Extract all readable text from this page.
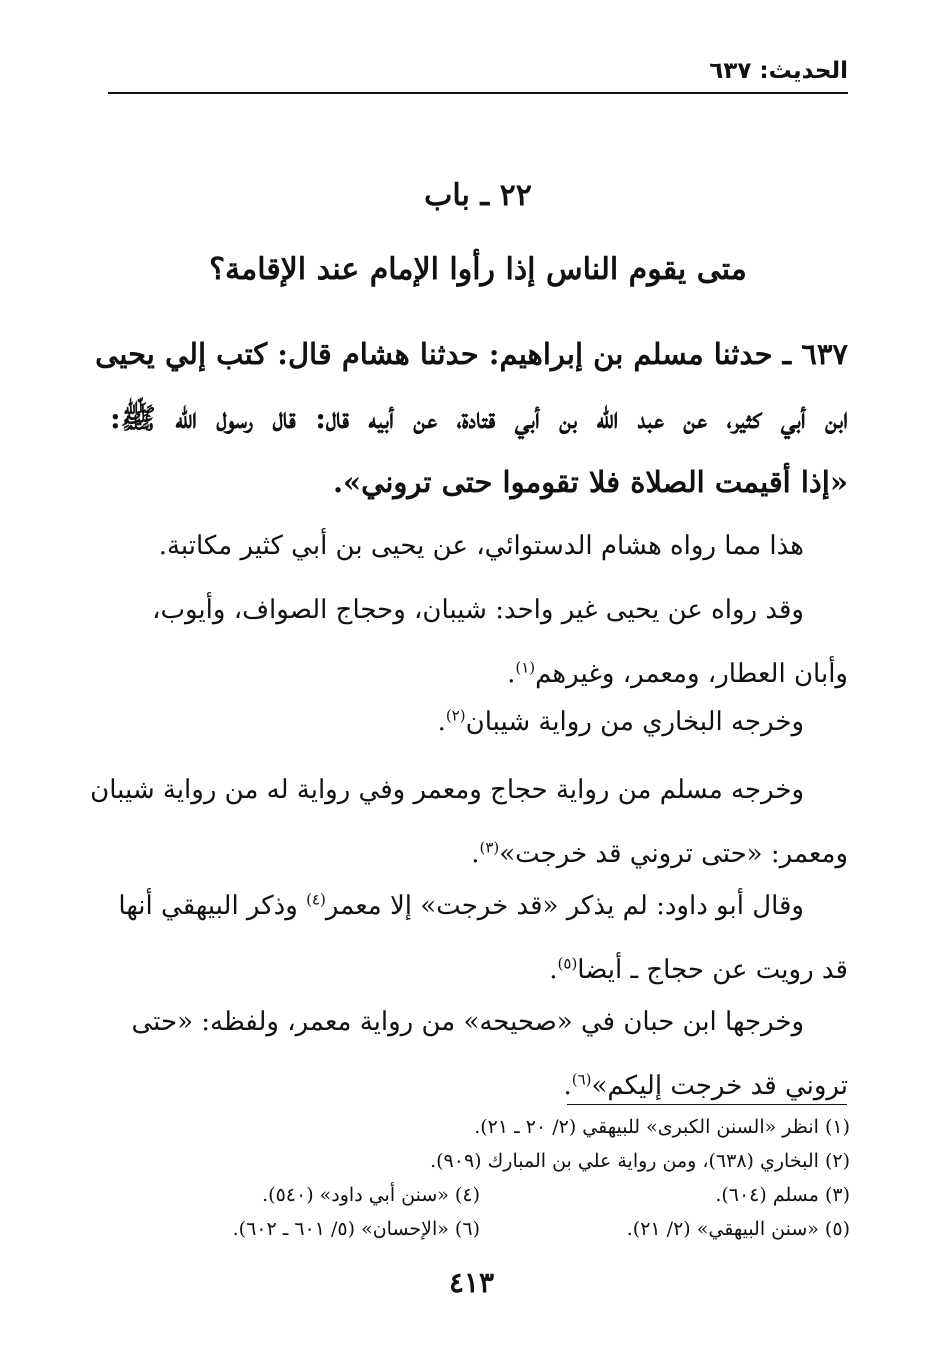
الحديث: ٦٣٧
٢٢ ـ باب
متى يقوم الناس إذا رأوا الإمام عند الإقامة؟
٦٣٧ ـ حدثنا مسلم بن إبراهيم: حدثنا هشام قال: كتب إلي يحيى
ابن أبي كثير، عن عبد الله بن أبي قتادة، عن أبيه قال: قال رسول الله ﷺ:
«إذا أقيمت الصلاة فلا تقوموا حتى تروني».
هذا مما رواه هشام الدستوائي، عن يحيى بن أبي كثير مكاتبة.
وقد رواه عن يحيى غير واحد: شيبان، وحجاج الصواف، وأيوب،
وأبان العطار، ومعمر، وغيرهم$^{(١)}$.
وخرجه البخاري من رواية شيبان$^{(٢)}$.
وخرجه مسلم من رواية حجاج ومعمر وفي رواية له من رواية شيبان
ومعمر: «حتى تروني قد خرجت»$^{(٣)}$.
وقال أبو داود: لم يذكر «قد خرجت» إلا معمر$^{(٤)}$ وذكر البيهقي أنها
قد رويت عن حجاج ـ أيضا$^{(٥)}$.
وخرجها ابن حبان في «صحيحه» من رواية معمر، ولفظه: «حتى
تروني قد خرجت إليكم»$^{(٦)}$.
(١) انظر «السنن الكبرى» للبيهقي (٢/ ٢٠ ـ ٢١).
(٢) البخاري (٦٣٨)، ومن رواية علي بن المبارك (٩٠٩).
(٣) مسلم (٦٠٤).
(٤) «سنن أبي داود» (٥٤٠).
(٥) «سنن البيهقي» (٢/ ٢١).
(٦) «الإحسان» (٥/ ٦٠١ ـ ٦٠٢).
٤١٣
